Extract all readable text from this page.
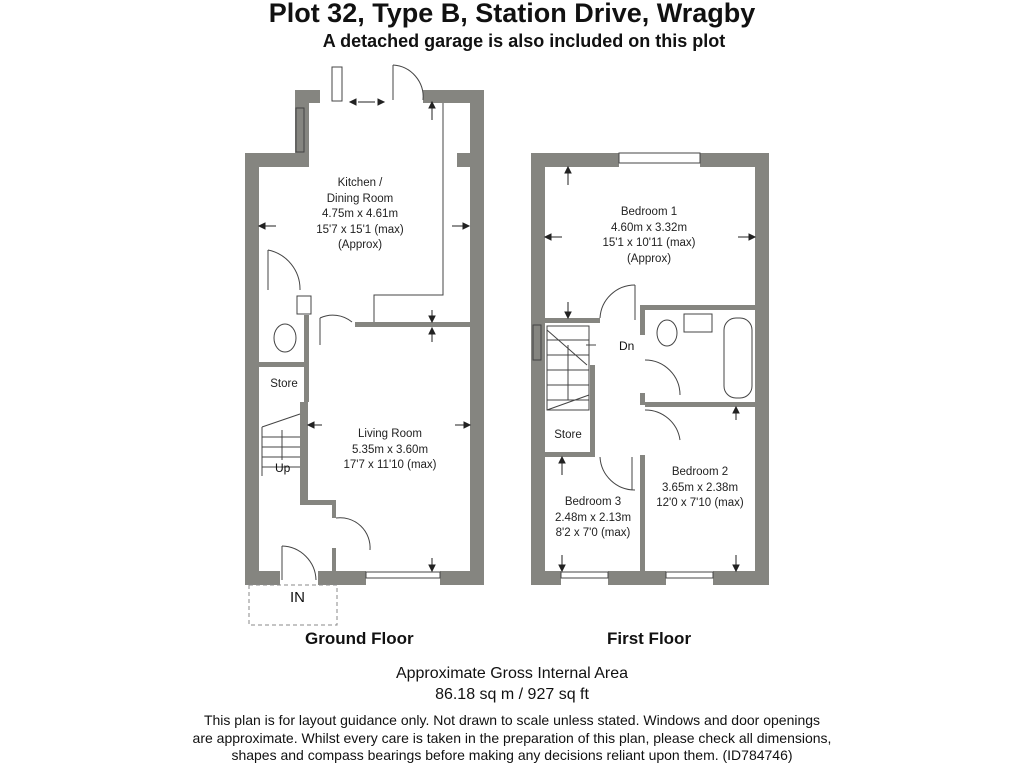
Plot 32, Type B, Station Drive, Wragby
A detached garage is also included on this plot
Kitchen /
Dining Room
4.75m x 4.61m
15'7 x 15'1 (max)
(Approx)
Living Room
5.35m x 3.60m
17'7 x 11'10 (max)
Store
Up
IN
Bedroom 1
4.60m x 3.32m
15'1 x 10'11 (max)
(Approx)
Bedroom 2
3.65m x 2.38m
12'0 x 7'10 (max)
Bedroom 3
2.48m x 2.13m
8'2 x 7'0 (max)
Store
Dn
Ground Floor	First Floor
Approximate Gross Internal Area
86.18 sq m / 927 sq ft
This plan is for layout guidance only. Not drawn to scale unless stated. Windows and door openings
are approximate. Whilst every care is taken in the preparation of this plan, please check all dimensions,
shapes and compass bearings before making any decisions reliant upon them. (ID784746)
